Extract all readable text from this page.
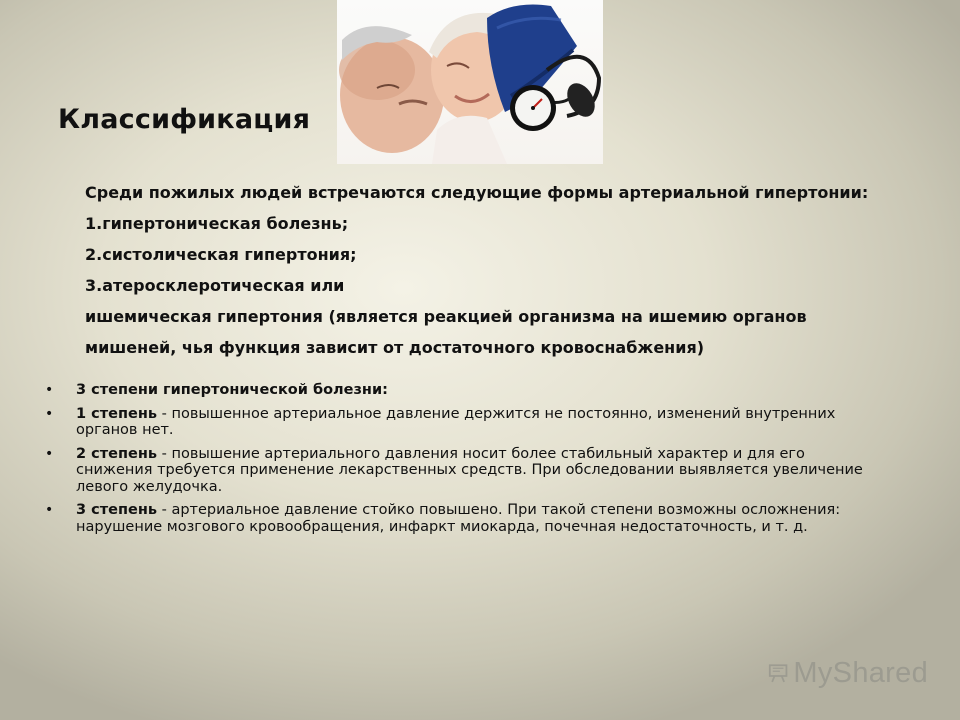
Классификация
Среди пожилых людей встречаются следующие формы артериальной гипертонии:
1.гипертоническая болезнь;
2.систолическая гипертония;
3.атеросклеротическая или
ишемическая гипертония (является реакцией организма на ишемию органов
мишеней, чья функция зависит от достаточного кровоснабжения)
• 3 степени гипертонической болезни:
• 1 степень - повышенное артериальное давление держится не постоянно, изменений внутренних органов нет.
• 2 степень - повышение артериального давления носит более стабильный характер и для его снижения требуется применение лекарственных средств. При обследовании выявляется увеличение левого желудочка.
• 3 степень - артериальное давление стойко повышено. При такой степени возможны осложнения: нарушение мозгового кровообращения, инфаркт миокарда, почечная недостаточность, и т. д.
MyShared
